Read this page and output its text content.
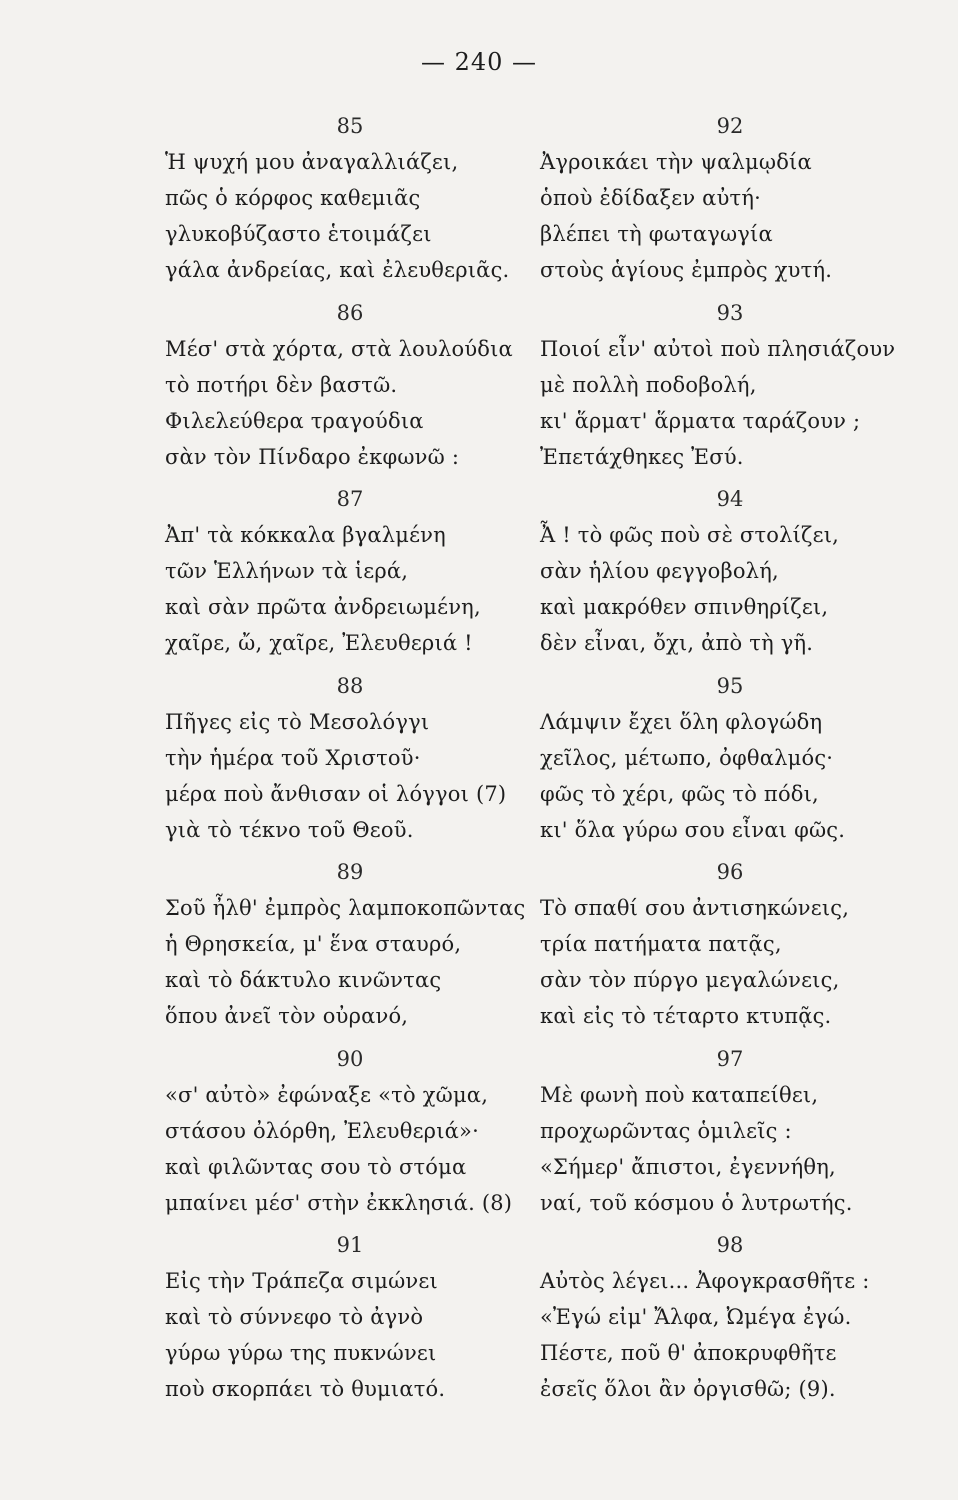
— 240 —
85
Ἡ ψυχή μου ἀναγαλλιάζει,
πῶς ὁ κόρφος καθεμιᾶς
γλυκοβύζαστο ἑτοιμάζει
γάλα ἀνδρείας, καὶ ἐλευθεριᾶς.
86
Μέσ' στὰ χόρτα, στὰ λουλούδια
τὸ ποτήρι δὲν βαστῶ.
Φιλελεύθερα τραγούδια
σὰν τὸν Πίνδαρο ἐκφωνῶ :
87
Ἀπ' τὰ κόκκαλα βγαλμένη
τῶν Ἑλλήνων τὰ ἱερά,
καὶ σὰν πρῶτα ἀνδρειωμένη,
χαῖρε, ὤ, χαῖρε, Ἐλευθεριά !
88
Πῆγες εἰς τὸ Μεσολόγγι
τὴν ἡμέρα τοῦ Χριστοῦ·
μέρα ποὺ ἄνθισαν οἱ λόγγοι (7)
γιὰ τὸ τέκνο τοῦ Θεοῦ.
89
Σοῦ ἦλθ' ἐμπρὸς λαμποκοπῶντας
ἡ Θρησκεία, μ' ἕνα σταυρό,
καὶ τὸ δάκτυλο κινῶντας
ὅπου ἀνεῖ τὸν οὐρανό,
90
«σ' αὐτὸ» ἐφώναξε «τὸ χῶμα,
στάσου ὀλόρθη, Ἐλευθεριά»·
καὶ φιλῶντας σου τὸ στόμα
μπαίνει μέσ' στὴν ἐκκλησιά. (8)
91
Εἰς τὴν Τράπεζα σιμώνει
καὶ τὸ σύννεφο τὸ ἀγνὸ
γύρω γύρω της πυκνώνει
ποὺ σκορπάει τὸ θυμιατό.
92
Ἀγροικάει τὴν ψαλμῳδία
ὁποὺ ἐδίδαξεν αὐτή·
βλέπει τὴ φωταγωγία
στοὺς ἁγίους ἐμπρὸς χυτή.
93
Ποιοί εἶν' αὐτοὶ ποὺ πλησιάζουν
μὲ πολλὴ ποδοβολή,
κι' ἅρματ' ἅρματα ταράζουν ;
Ἐπετάχθηκες Ἐσύ.
94
Ἆ ! τὸ φῶς ποὺ σὲ στολίζει,
σὰν ἡλίου φεγγοβολή,
καὶ μακρόθεν σπινθηρίζει,
δὲν εἶναι, ὄχι, ἀπὸ τὴ γῆ.
95
Λάμψιν ἔχει ὅλη φλογώδη
χεῖλος, μέτωπο, ὀφθαλμός·
φῶς τὸ χέρι, φῶς τὸ πόδι,
κι' ὅλα γύρω σου εἶναι φῶς.
96
Τὸ σπαθί σου ἀντισηκώνεις,
τρία πατήματα πατᾷς,
σὰν τὸν πύργο μεγαλώνεις,
καὶ εἰς τὸ τέταρτο κτυπᾷς.
97
Μὲ φωνὴ ποὺ καταπείθει,
προχωρῶντας ὁμιλεῖς :
«Σήμερ' ἄπιστοι, ἐγεννήθη,
ναί, τοῦ κόσμου ὁ λυτρωτής.
98
Αὐτὸς λέγει... Ἀφογκρασθῆτε :
«Ἐγώ εἰμ' Ἄλφα, Ὠμέγα ἐγώ.
Πέστε, ποῦ θ' ἀποκρυφθῆτε
ἐσεῖς ὅλοι ἂν ὀργισθῶ; (9).
